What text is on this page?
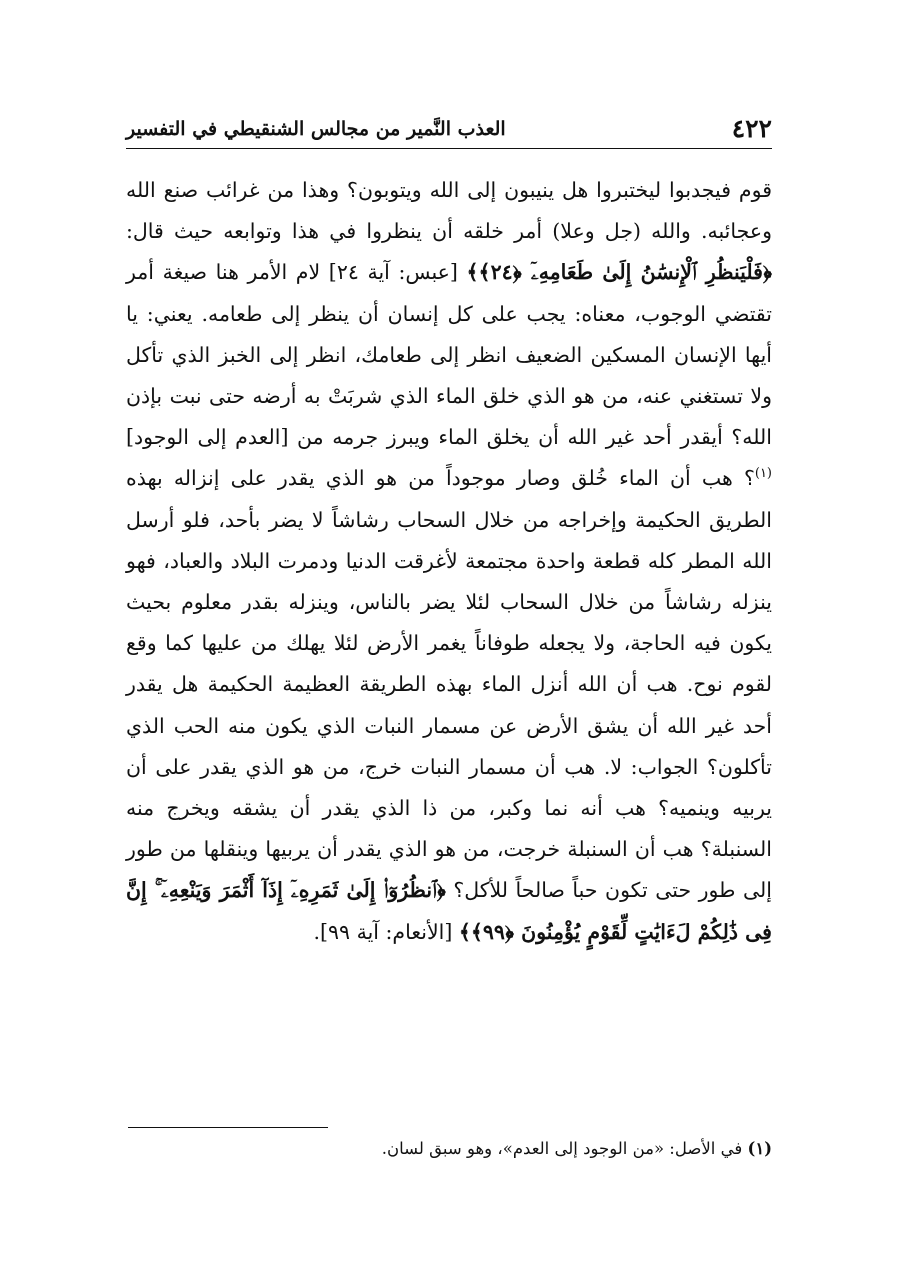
٤٢٢
العذب النَّمير من مجالس الشنقيطي في التفسير

قوم فيجدبوا ليختبروا هل ينيبون إلى الله ويتوبون؟ وهذا من غرائب صنع الله وعجائبه. والله (جل وعلا) أمر خلقه أن ينظروا في هذا وتوابعه حيث قال: ﴿فَلْيَنظُرِ ٱلْإِنسَٰنُ إِلَىٰ طَعَامِهِۦٓ ﴿٢٤﴾﴾ [عبس: آية ٢٤] لام الأمر هنا صيغة أمر تقتضي الوجوب، معناه: يجب على كل إنسان أن ينظر إلى طعامه. يعني: يا أيها الإنسان المسكين الضعيف انظر إلى طعامك، انظر إلى الخبز الذي تأكل ولا تستغني عنه، من هو الذي خلق الماء الذي شربَتْ به أرضه حتى نبت بإذن الله؟ أيقدر أحد غير الله أن يخلق الماء ويبرز جرمه من [العدم إلى الوجود]$^{(١)}$؟ هب أن الماء خُلق وصار موجوداً من هو الذي يقدر على إنزاله بهذه الطريق الحكيمة وإخراجه من خلال السحاب رشاشاً لا يضر بأحد، فلو أرسل الله المطر كله قطعة واحدة مجتمعة لأغرقت الدنيا ودمرت البلاد والعباد، فهو ينزله رشاشاً من خلال السحاب لئلا يضر بالناس، وينزله بقدر معلوم بحيث يكون فيه الحاجة، ولا يجعله طوفاناً يغمر الأرض لئلا يهلك من عليها كما وقع لقوم نوح. هب أن الله أنزل الماء بهذه الطريقة العظيمة الحكيمة هل يقدر أحد غير الله أن يشق الأرض عن مسمار النبات الذي يكون منه الحب الذي تأكلون؟ الجواب: لا. هب أن مسمار النبات خرج، من هو الذي يقدر على أن يربيه وينميه؟ هب أنه نما وكبر، من ذا الذي يقدر أن يشقه ويخرج منه السنبلة؟ هب أن السنبلة خرجت، من هو الذي يقدر أن يربيها وينقلها من طور إلى طور حتى تكون حباً صالحاً للأكل؟ ﴿ٱنظُرُوٓا۟ إِلَىٰ ثَمَرِهِۦٓ إِذَآ أَثْمَرَ وَيَنْعِهِۦٓ ۚ إِنَّ فِى ذَٰلِكُمْ لَءَايَٰتٍ لِّقَوْمٍ يُؤْمِنُونَ ﴿٩٩﴾﴾ [الأنعام: آية ٩٩].

(١) في الأصل: «من الوجود إلى العدم»، وهو سبق لسان.
